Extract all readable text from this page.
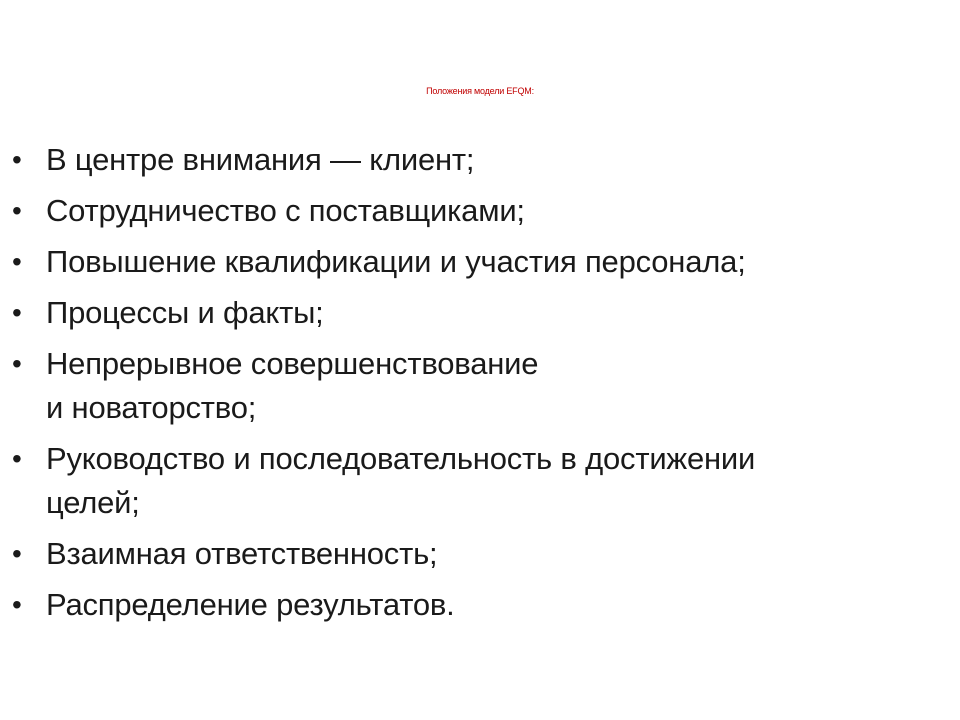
Положения модели EFQM:
• В центре внимания — клиент;
• Сотрудничество с поставщиками;
• Повышение квалификации и участия персонала;
• Процессы и факты;
• Непрерывное совершенствование
и новаторство;
• Руководство и последовательность в достижении
целей;
• Взаимная ответственность;
• Распределение результатов.
